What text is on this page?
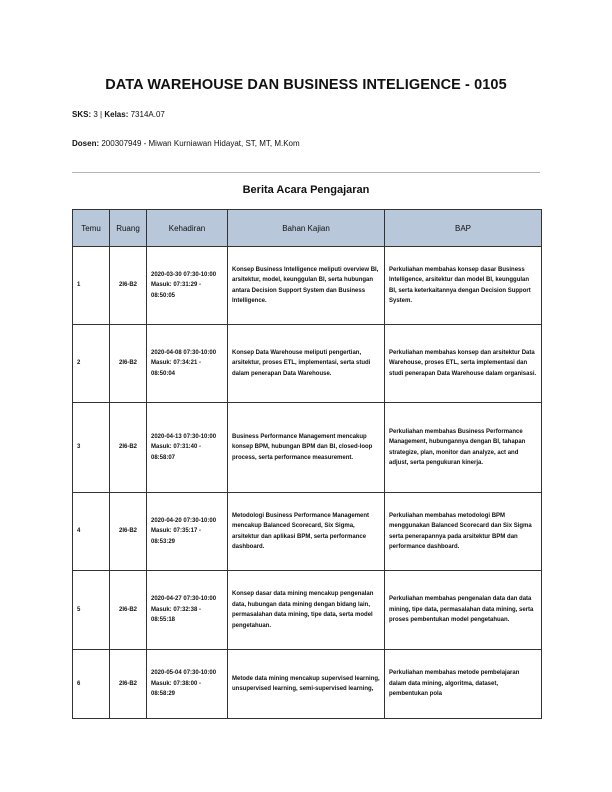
DATA WAREHOUSE DAN BUSINESS INTELIGENCE - 0105
SKS: 3 | Kelas: 7314A.07
Dosen: 200307949 - Miwan Kurniawan Hidayat, ST, MT, M.Kom
Berita Acara Pengajaran
Temu	Ruang	Kehadiran	Bahan Kajian	BAP
1	2I6-B2	2020-03-30 07:30-10:00 Masuk: 07:31:29 - 08:50:05	Konsep Business Intelligence meliputi overview BI, arsitektur, model, keunggulan BI, serta hubungan antara Decision Support System dan Business Intelligence.	Perkuliahan membahas konsep dasar Business Intelligence, arsitektur dan model BI, keunggulan BI, serta keterkaitannya dengan Decision Support System.
2	2I6-B2	2020-04-08 07:30-10:00 Masuk: 07:34:21 - 08:50:04	Konsep Data Warehouse meliputi pengertian, arsitektur, proses ETL, implementasi, serta studi dalam penerapan Data Warehouse.	Perkuliahan membahas konsep dan arsitektur Data Warehouse, proses ETL, serta implementasi dan studi penerapan Data Warehouse dalam organisasi.
3	2I6-B2	2020-04-13 07:30-10:00 Masuk: 07:31:40 - 08:58:07	Business Performance Management mencakup konsep BPM, hubungan BPM dan BI, closed-loop process, serta performance measurement.	Perkuliahan membahas Business Performance Management, hubungannya dengan BI, tahapan strategize, plan, monitor dan analyze, act and adjust, serta pengukuran kinerja.
4	2I6-B2	2020-04-20 07:30-10:00 Masuk: 07:35:17 - 08:53:29	Metodologi Business Performance Management mencakup Balanced Scorecard, Six Sigma, arsitektur dan aplikasi BPM, serta performance dashboard.	Perkuliahan membahas metodologi BPM menggunakan Balanced Scorecard dan Six Sigma serta penerapannya pada arsitektur BPM dan performance dashboard.
5	2I6-B2	2020-04-27 07:30-10:00 Masuk: 07:32:38 - 08:55:18	Konsep dasar data mining mencakup pengenalan data, hubungan data mining dengan bidang lain, permasalahan data mining, tipe data, serta model pengetahuan.	Perkuliahan membahas pengenalan data dan data mining, tipe data, permasalahan data mining, serta proses pembentukan model pengetahuan.
6	2I6-B2	2020-05-04 07:30-10:00 Masuk: 07:38:00 - 08:58:29	Metode data mining mencakup supervised learning, unsupervised learning, semi-supervised learning,	Perkuliahan membahas metode pembelajaran dalam data mining, algoritma, dataset, pembentukan pola
